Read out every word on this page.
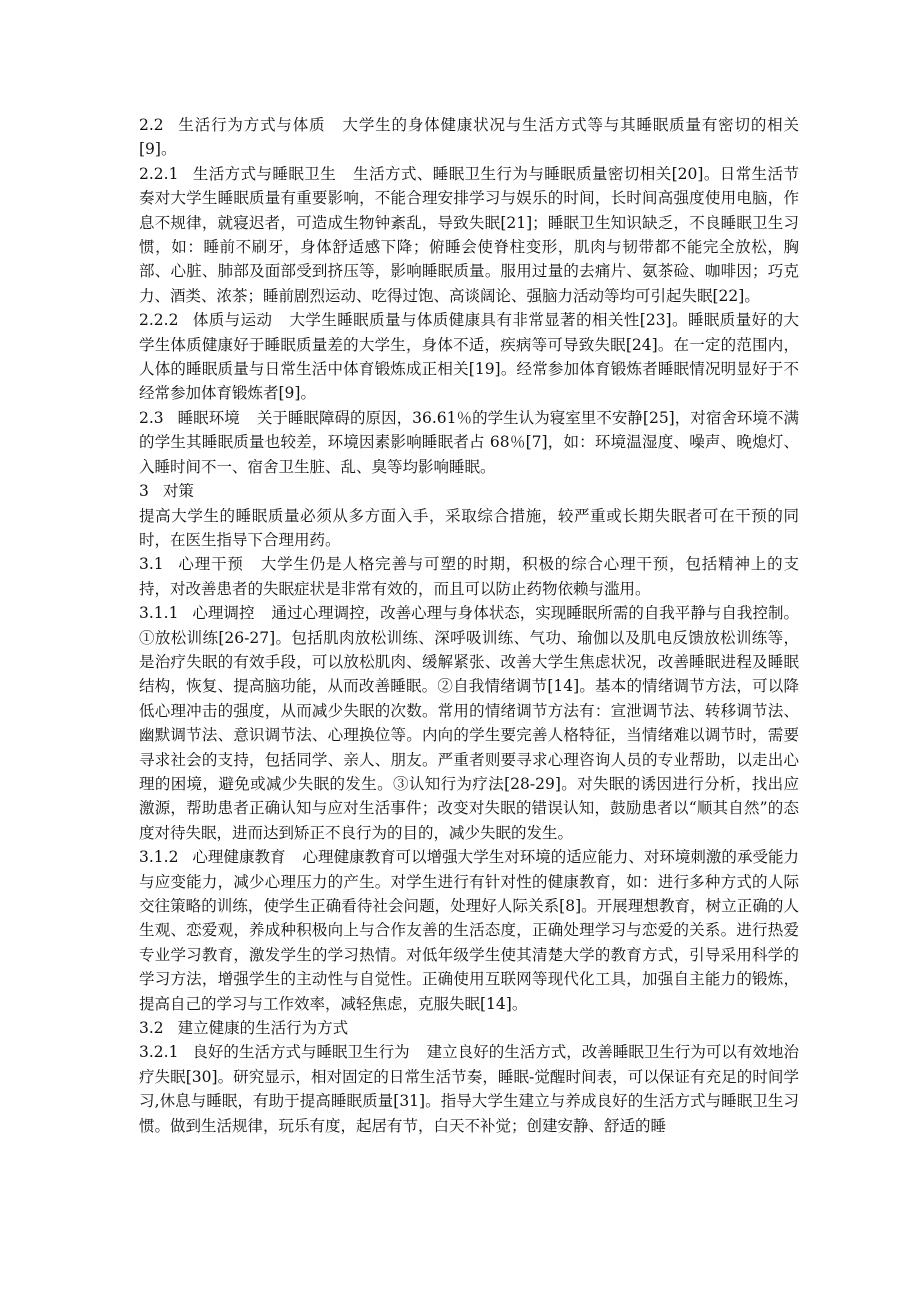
2.2 生活行为方式与体质 大学生的身体健康状况与生活方式等与其睡眠质量有密切的相关[9]。

2.2.1 生活方式与睡眠卫生 生活方式、睡眠卫生行为与睡眠质量密切相关[20]。日常生活节奏对大学生睡眠质量有重要影响，不能合理安排学习与娱乐的时间，长时间高强度使用电脑，作息不规律，就寝迟者，可造成生物钟紊乱，导致失眠[21]；睡眠卫生知识缺乏，不良睡眠卫生习惯，如：睡前不刷牙，身体舒适感下降；俯睡会使脊柱变形，肌肉与韧带都不能完全放松，胸部、心脏、肺部及面部受到挤压等，影响睡眠质量。服用过量的去痛片、氨茶硷、咖啡因；巧克力、酒类、浓茶；睡前剧烈运动、吃得过饱、高谈阔论、强脑力活动等均可引起失眠[22]。

2.2.2 体质与运动 大学生睡眠质量与体质健康具有非常显著的相关性[23]。睡眠质量好的大学生体质健康好于睡眠质量差的大学生，身体不适，疾病等可导致失眠[24]。在一定的范围内，人体的睡眠质量与日常生活中体育锻炼成正相关[19]。经常参加体育锻炼者睡眠情况明显好于不经常参加体育锻炼者[9]。

2.3 睡眠环境 关于睡眠障碍的原因，36.61％的学生认为寝室里不安静[25]，对宿舍环境不满的学生其睡眠质量也较差，环境因素影响睡眠者占 68％[7]，如：环境温湿度、噪声、晚熄灯、入睡时间不一、宿舍卫生脏、乱、臭等均影响睡眠。

3 对策

提高大学生的睡眠质量必须从多方面入手，采取综合措施，较严重或长期失眠者可在干预的同时，在医生指导下合理用药。

3.1 心理干预 大学生仍是人格完善与可塑的时期，积极的综合心理干预，包括精神上的支持，对改善患者的失眠症状是非常有效的，而且可以防止药物依赖与滥用。

3.1.1 心理调控 通过心理调控，改善心理与身体状态，实现睡眠所需的自我平静与自我控制。①放松训练[26-27]。包括肌肉放松训练、深呼吸训练、气功、瑜伽以及肌电反馈放松训练等，是治疗失眠的有效手段，可以放松肌肉、缓解紧张、改善大学生焦虑状况，改善睡眠进程及睡眠结构，恢复、提高脑功能，从而改善睡眠。②自我情绪调节[14]。基本的情绪调节方法，可以降低心理冲击的强度，从而减少失眠的次数。常用的情绪调节方法有：宣泄调节法、转移调节法、幽默调节法、意识调节法、心理换位等。内向的学生要完善人格特征，当情绪难以调节时，需要寻求社会的支持，包括同学、亲人、朋友。严重者则要寻求心理咨询人员的专业帮助，以走出心理的困境，避免或减少失眠的发生。③认知行为疗法[28-29]。对失眠的诱因进行分析，找出应激源，帮助患者正确认知与应对生活事件；改变对失眠的错误认知，鼓励患者以“顺其自然”的态度对待失眠，进而达到矫正不良行为的目的，减少失眠的发生。

3.1.2 心理健康教育 心理健康教育可以增强大学生对环境的适应能力、对环境刺激的承受能力与应变能力，减少心理压力的产生。对学生进行有针对性的健康教育，如：进行多种方式的人际交往策略的训练，使学生正确看待社会问题，处理好人际关系[8]。开展理想教育，树立正确的人生观、恋爱观，养成种积极向上与合作友善的生活态度，正确处理学习与恋爱的关系。进行热爱专业学习教育，激发学生的学习热情。对低年级学生使其清楚大学的教育方式，引导采用科学的学习方法，增强学生的主动性与自觉性。正确使用互联网等现代化工具，加强自主能力的锻炼，提高自己的学习与工作效率，减轻焦虑，克服失眠[14]。

3.2 建立健康的生活行为方式

3.2.1 良好的生活方式与睡眠卫生行为 建立良好的生活方式，改善睡眠卫生行为可以有效地治疗失眠[30]。研究显示，相对固定的日常生活节奏，睡眠-觉醒时间表，可以保证有充足的时间学习,休息与睡眠，有助于提高睡眠质量[31]。指导大学生建立与养成良好的生活方式与睡眠卫生习惯。做到生活规律，玩乐有度，起居有节，白天不补觉；创建安静、舒适的睡
